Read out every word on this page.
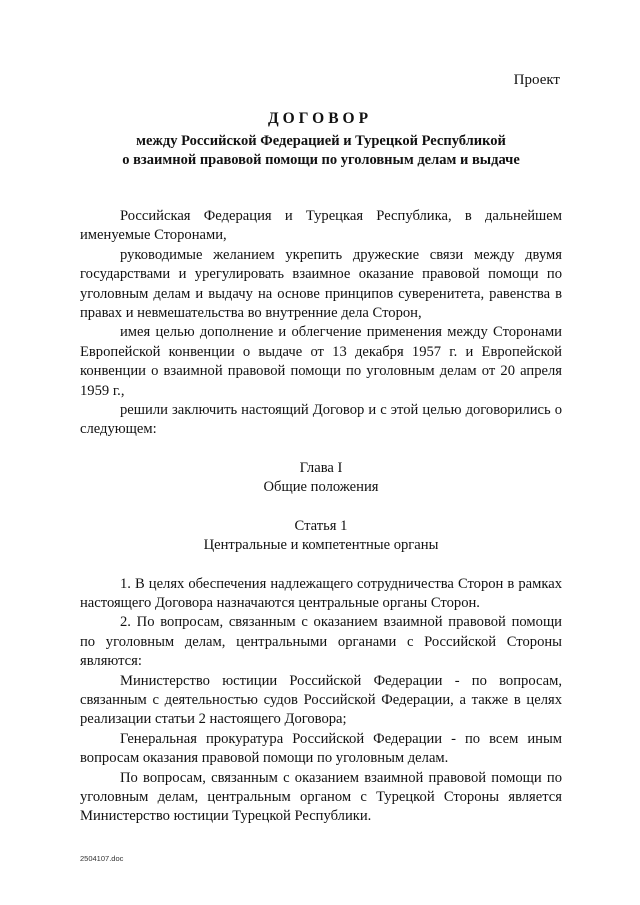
Проект
ДОГОВОР
между Российской Федерацией и Турецкой Республикой
о взаимной правовой помощи по уголовным делам и выдаче

Российская Федерация и Турецкая Республика, в дальнейшем именуемые Сторонами,

руководимые желанием укрепить дружеские связи между двумя государствами и урегулировать взаимное оказание правовой помощи по уголовным делам и выдачу на основе принципов суверенитета, равенства в правах и невмешательства во внутренние дела Сторон,

имея целью дополнение и облегчение применения между Сторонами Европейской конвенции о выдаче от 13 декабря 1957 г. и Европейской конвенции о взаимной правовой помощи по уголовным делам от 20 апреля 1959 г.,

решили заключить настоящий Договор и с этой целью договорились о следующем:

Глава I
Общие положения
Статья 1
Центральные и компетентные органы

1. В целях обеспечения надлежащего сотрудничества Сторон в рамках настоящего Договора назначаются центральные органы Сторон.

2. По вопросам, связанным с оказанием взаимной правовой помощи по уголовным делам, центральными органами с Российской Стороны являются:

Министерство юстиции Российской Федерации - по вопросам, связанным с деятельностью судов Российской Федерации, а также в целях реализации статьи 2 настоящего Договора;

Генеральная прокуратура Российской Федерации - по всем иным вопросам оказания правовой помощи по уголовным делам.

По вопросам, связанным с оказанием взаимной правовой помощи по уголовным делам, центральным органом с Турецкой Стороны является Министерство юстиции Турецкой Республики.

2504107.doc
